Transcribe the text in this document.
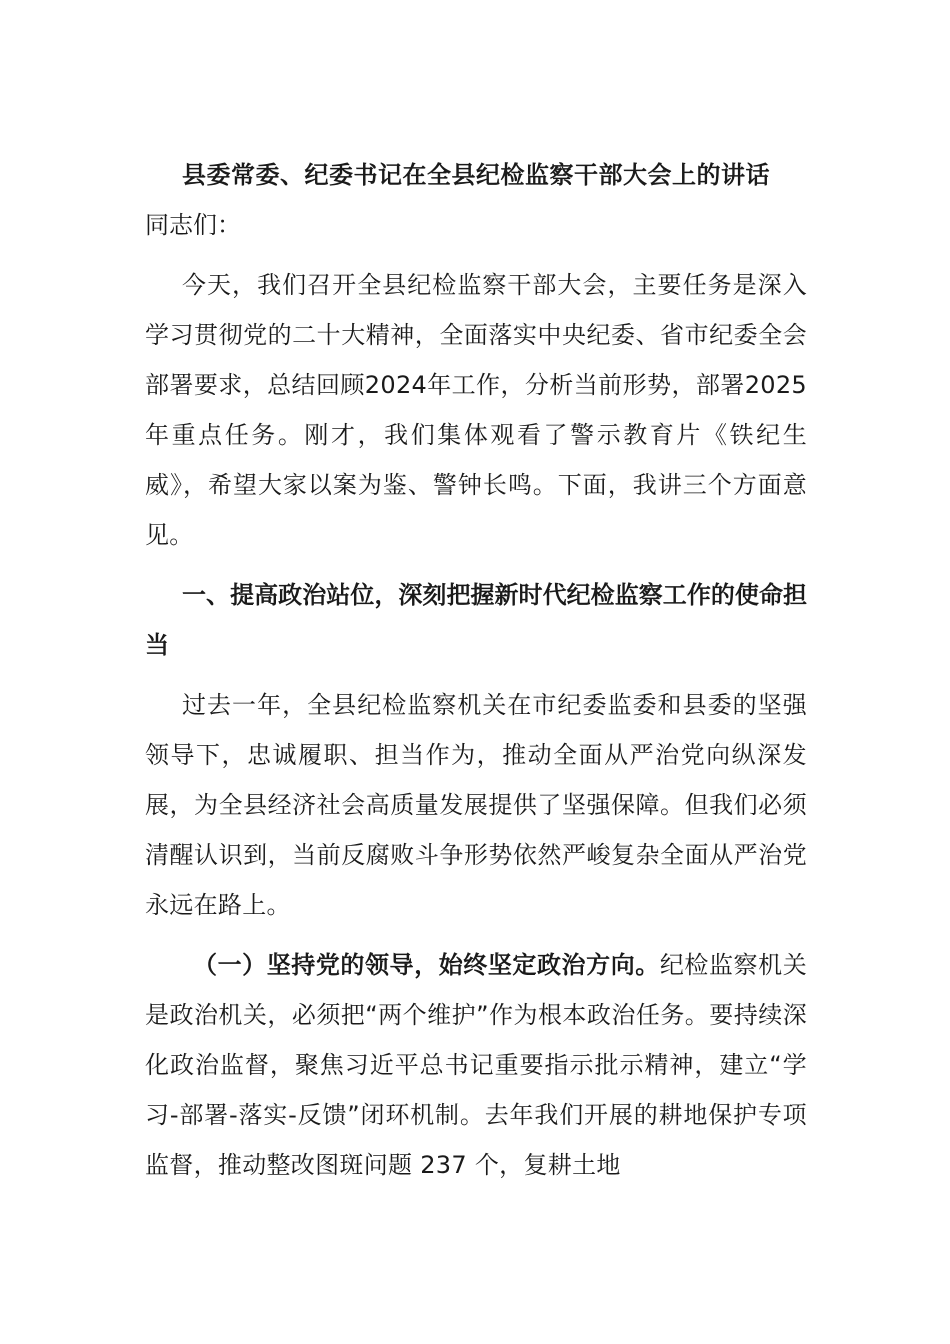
县委常委、纪委书记在全县纪检监察干部大会上的讲话

同志们：

今天，我们召开全县纪检监察干部大会，主要任务是深入学习贯彻党的二十大精神，全面落实中央纪委、省市纪委全会部署要求，总结回顾2024年工作，分析当前形势，部署2025年重点任务。刚才，我们集体观看了警示教育片《铁纪生威》，希望大家以案为鉴、警钟长鸣。下面，我讲三个方面意见。

一、提高政治站位，深刻把握新时代纪检监察工作的使命担当

过去一年，全县纪检监察机关在市纪委监委和县委的坚强领导下，忠诚履职、担当作为，推动全面从严治党向纵深发展，为全县经济社会高质量发展提供了坚强保障。但我们必须清醒认识到，当前反腐败斗争形势依然严峻复杂全面从严治党永远在路上。

（一）坚持党的领导，始终坚定政治方向。纪检监察机关是政治机关，必须把“两个维护”作为根本政治任务。要持续深化政治监督，聚焦习近平总书记重要指示批示精神，建立“学习-部署-落实-反馈”闭环机制。去年我们开展的耕地保护专项监督，推动整改图斑问题 237 个，复耕土地
